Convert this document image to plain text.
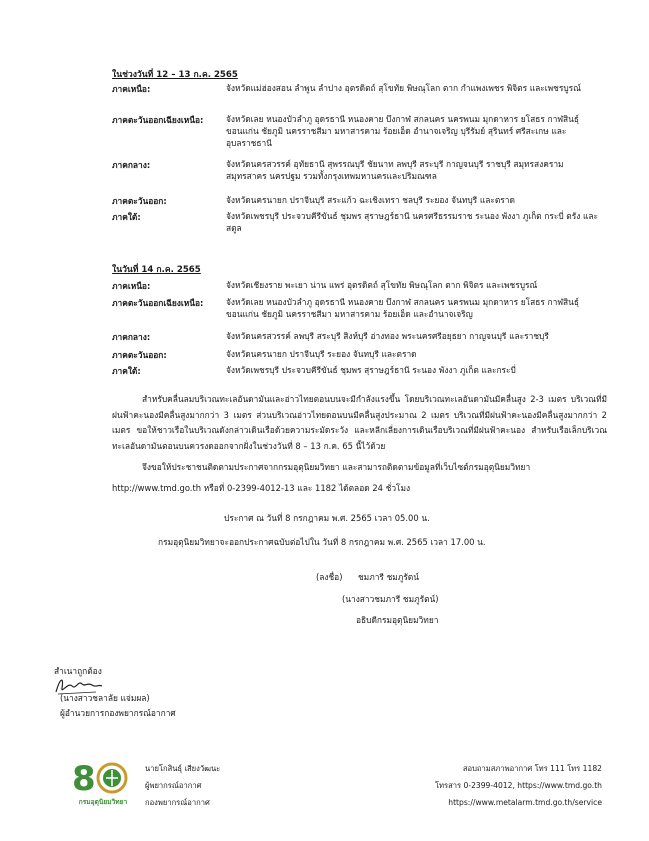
ในช่วงวันที่ 12 – 13 ก.ค. 2565
ภาคเหนือ:	จังหวัดแม่ฮ่องสอน ลำพูน ลำปาง อุตรดิตถ์ สุโขทัย พิษณุโลก ตาก กำแพงเพชร พิจิตร และเพชรบูรณ์
ภาคตะวันออกเฉียงเหนือ:	จังหวัดเลย หนองบัวลำภู อุดรธานี หนองคาย บึงกาฬ สกลนคร นครพนม มุกดาหาร ยโสธร กาฬสินธุ์ ขอนแก่น ชัยภูมิ นครราชสีมา มหาสารคาม ร้อยเอ็ด อำนาจเจริญ บุรีรัมย์ สุรินทร์ ศรีสะเกษ และอุบลราชธานี
ภาคกลาง:	จังหวัดนครสวรรค์ อุทัยธานี สุพรรณบุรี ชัยนาท ลพบุรี สระบุรี กาญจนบุรี ราชบุรี สมุทรสงคราม สมุทรสาคร นครปฐม รวมทั้งกรุงเทพมหานครและปริมณฑล
ภาคตะวันออก:	จังหวัดนครนายก ปราจีนบุรี สระแก้ว ฉะเชิงเทรา ชลบุรี ระยอง จันทบุรี และตราด
ภาคใต้:	จังหวัดเพชรบุรี ประจวบคีรีขันธ์ ชุมพร สุราษฎร์ธานี นครศรีธรรมราช ระนอง พังงา ภูเก็ต กระบี่ ตรัง และสตูล
ในวันที่ 14 ก.ค. 2565
ภาคเหนือ:	จังหวัดเชียงราย พะเยา น่าน แพร่ อุตรดิตถ์ สุโขทัย พิษณุโลก ตาก พิจิตร และเพชรบูรณ์
ภาคตะวันออกเฉียงเหนือ:	จังหวัดเลย หนองบัวลำภู อุดรธานี หนองคาย บึงกาฬ สกลนคร นครพนม มุกดาหาร ยโสธร กาฬสินธุ์ ขอนแก่น ชัยภูมิ นครราชสีมา มหาสารคาม ร้อยเอ็ด และอำนาจเจริญ
ภาคกลาง:	จังหวัดนครสวรรค์ ลพบุรี สระบุรี สิงห์บุรี อ่างทอง พระนครศรีอยุธยา กาญจนบุรี และราชบุรี
ภาคตะวันออก:	จังหวัดนครนายก ปราจีนบุรี ระยอง จันทบุรี และตราด
ภาคใต้:	จังหวัดเพชรบุรี ประจวบคีรีขันธ์ ชุมพร สุราษฎร์ธานี ระนอง พังงา ภูเก็ต และกระบี่
สำหรับคลื่นลมบริเวณทะเลอันดามันและอ่าวไทยตอนบนจะมีกำลังแรงขึ้น โดยบริเวณทะเลอันดามันมีคลื่นสูง 2-3 เมตร บริเวณที่มีฝนฟ้าคะนองมีคลื่นสูงมากกว่า 3 เมตร ส่วนบริเวณอ่าวไทยตอนบนมีคลื่นสูงประมาณ 2 เมตร บริเวณที่มีฝนฟ้าคะนองมีคลื่นสูงมากกว่า 2 เมตร ขอให้ชาวเรือในบริเวณดังกล่าวเดินเรือด้วยความระมัดระวัง และหลีกเลี่ยงการเดินเรือบริเวณที่มีฝนฟ้าคะนอง สำหรับเรือเล็กบริเวณทะเลอันดามันตอนบนควรงดออกจากฝั่งในช่วงวันที่ 8 – 13 ก.ค. 65 นี้ไว้ด้วย
จึงขอให้ประชาชนติดตามประกาศจากกรมอุตุนิยมวิทยา และสามารถติดตามข้อมูลที่เว็บไซต์กรมอุตุนิยมวิทยา
http://www.tmd.go.th หรือที่ 0-2399-4012-13 และ 1182 ได้ตลอด 24 ชั่วโมง
ประกาศ ณ วันที่ 8 กรกฎาคม พ.ศ. 2565 เวลา 05.00 น.
กรมอุตุนิยมวิทยาจะออกประกาศฉบับต่อไปใน วันที่ 8 กรกฎาคม พ.ศ. 2565 เวลา 17.00 น.
(ลงชื่อ) ชมภารี ชมภูรัตน์
(นางสาวชมภารี ชมภูรัตน์)
อธิบดีกรมอุตุนิยมวิทยา
สำเนาถูกต้อง
(นางสาวชลาลัย แจ่มผล)
ผู้อำนวยการกองพยากรณ์อากาศ
8
กรมอุตุนิยมวิทยา
นายโกสินธุ์ เสียงวัฒนะ
ผู้พยากรณ์อากาศ
กองพยากรณ์อากาศ
สอบถามสภาพอากาศ โทร 111 โทร 1182
โทรสาร 0-2399-4012, https://www.tmd.go.th
https://www.metalarm.tmd.go.th/service
